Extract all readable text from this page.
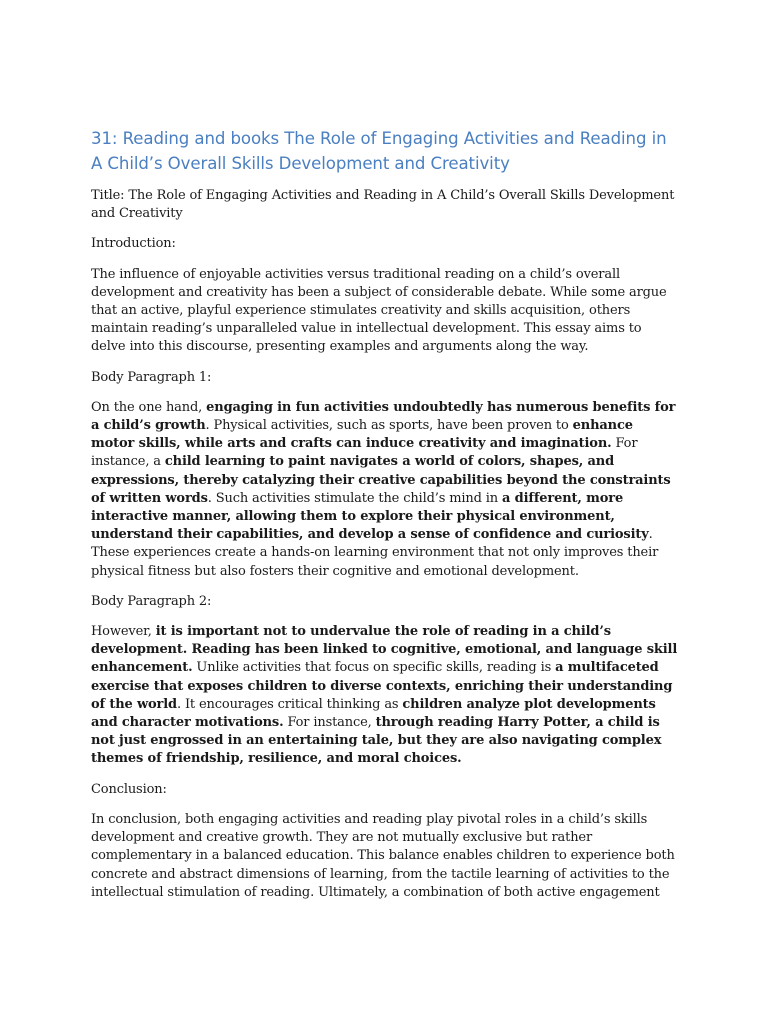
31: Reading and books The Role of Engaging Activities and Reading in A Child’s Overall Skills Development and Creativity

Title: The Role of Engaging Activities and Reading in A Child’s Overall Skills Development and Creativity

Introduction:

The influence of enjoyable activities versus traditional reading on a child’s overall development and creativity has been a subject of considerable debate. While some argue that an active, playful experience stimulates creativity and skills acquisition, others maintain reading’s unparalleled value in intellectual development. This essay aims to delve into this discourse, presenting examples and arguments along the way.

Body Paragraph 1:

On the one hand, engaging in fun activities undoubtedly has numerous benefits for a child’s growth. Physical activities, such as sports, have been proven to enhance motor skills, while arts and crafts can induce creativity and imagination. For instance, a child learning to paint navigates a world of colors, shapes, and expressions, thereby catalyzing their creative capabilities beyond the constraints of written words. Such activities stimulate the child’s mind in a different, more interactive manner, allowing them to explore their physical environment, understand their capabilities, and develop a sense of confidence and curiosity. These experiences create a hands-on learning environment that not only improves their physical fitness but also fosters their cognitive and emotional development.

Body Paragraph 2:

However, it is important not to undervalue the role of reading in a child’s development. Reading has been linked to cognitive, emotional, and language skill enhancement. Unlike activities that focus on specific skills, reading is a multifaceted exercise that exposes children to diverse contexts, enriching their understanding of the world. It encourages critical thinking as children analyze plot developments and character motivations. For instance, through reading Harry Potter, a child is not just engrossed in an entertaining tale, but they are also navigating complex themes of friendship, resilience, and moral choices.

Conclusion:

In conclusion, both engaging activities and reading play pivotal roles in a child’s skills development and creative growth. They are not mutually exclusive but rather complementary in a balanced education. This balance enables children to experience both concrete and abstract dimensions of learning, from the tactile learning of activities to the intellectual stimulation of reading. Ultimately, a combination of both active engagement
